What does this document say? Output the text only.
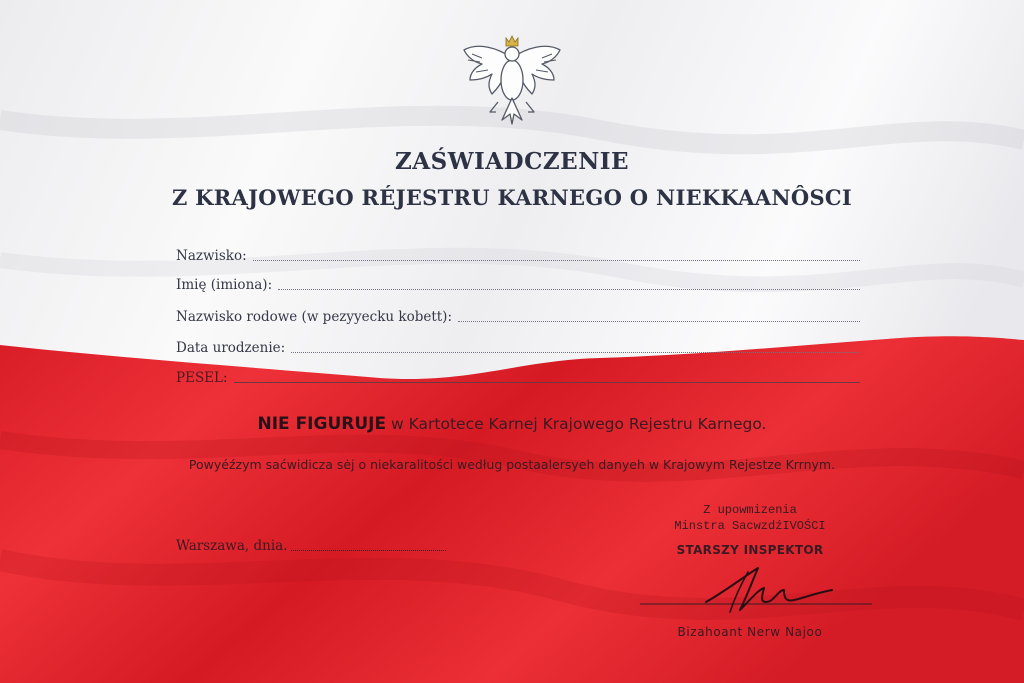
ZAŚWIADCZENIE
Z KRAJOWEGO RÉJESTRU KARNEGO O NIEKKAANÔSCI
Nazwisko:
Imię (imiona):
Nazwisko rodowe (w pezyyecku kobett):
Data urodzenie:
PESEL:
NIE FIGURUJE w Kartotece Karnej Krajowego Rejestru Karnego.
Powyéźzym saćwidicza sėj o niekaralitości według postaalersyeh danyeh w Krajowym Rejestze Krrnym.
Warszawa, dnia.
Z upowmizenia
Minstra SacwzdźIVOŚCI
STARSZY INSPEKTOR
Bizahoant Nerw Najoo
